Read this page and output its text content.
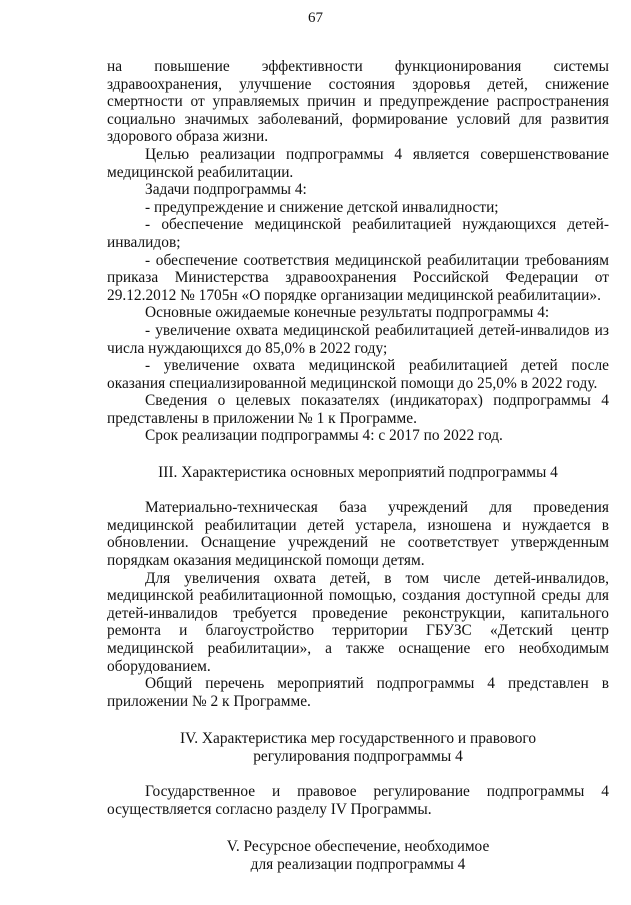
67

на повышение эффективности функционирования системы здравоохранения, улучшение состояния здоровья детей, снижение смертности от управляемых причин и предупреждение распространения социально значимых заболеваний, формирование условий для развития здорового образа жизни.

Целью реализации подпрограммы 4 является совершенствование медицинской реабилитации.

Задачи подпрограммы 4:

- предупреждение и снижение детской инвалидности;

- обеспечение медицинской реабилитацией нуждающихся детей-инвалидов;

- обеспечение соответствия медицинской реабилитации требованиям приказа Министерства здравоохранения Российской Федерации от 29.12.2012 № 1705н «О порядке организации медицинской реабилитации».

Основные ожидаемые конечные результаты подпрограммы 4:

- увеличение охвата медицинской реабилитацией детей-инвалидов из числа нуждающихся до 85,0% в 2022 году;

- увеличение охвата медицинской реабилитацией детей после оказания специализированной медицинской помощи до 25,0% в 2022 году.

Сведения о целевых показателях (индикаторах) подпрограммы 4 представлены в приложении № 1 к Программе.

Срок реализации подпрограммы 4: с 2017 по 2022 год.

III. Характеристика основных мероприятий подпрограммы 4

Материально-техническая база учреждений для проведения медицинской реабилитации детей устарела, изношена и нуждается в обновлении. Оснащение учреждений не соответствует утвержденным порядкам оказания медицинской помощи детям.

Для увеличения охвата детей, в том числе детей-инвалидов, медицинской реабилитационной помощью, создания доступной среды для детей-инвалидов требуется проведение реконструкции, капитального ремонта и благоустройство территории ГБУЗС «Детский центр медицинской реабилитации», а также оснащение его необходимым оборудованием.

Общий перечень мероприятий подпрограммы 4 представлен в приложении № 2 к Программе.

IV. Характеристика мер государственного и правового

регулирования подпрограммы 4

Государственное и правовое регулирование подпрограммы 4 осуществляется согласно разделу IV Программы.

V. Ресурсное обеспечение, необходимое

для реализации подпрограммы 4
